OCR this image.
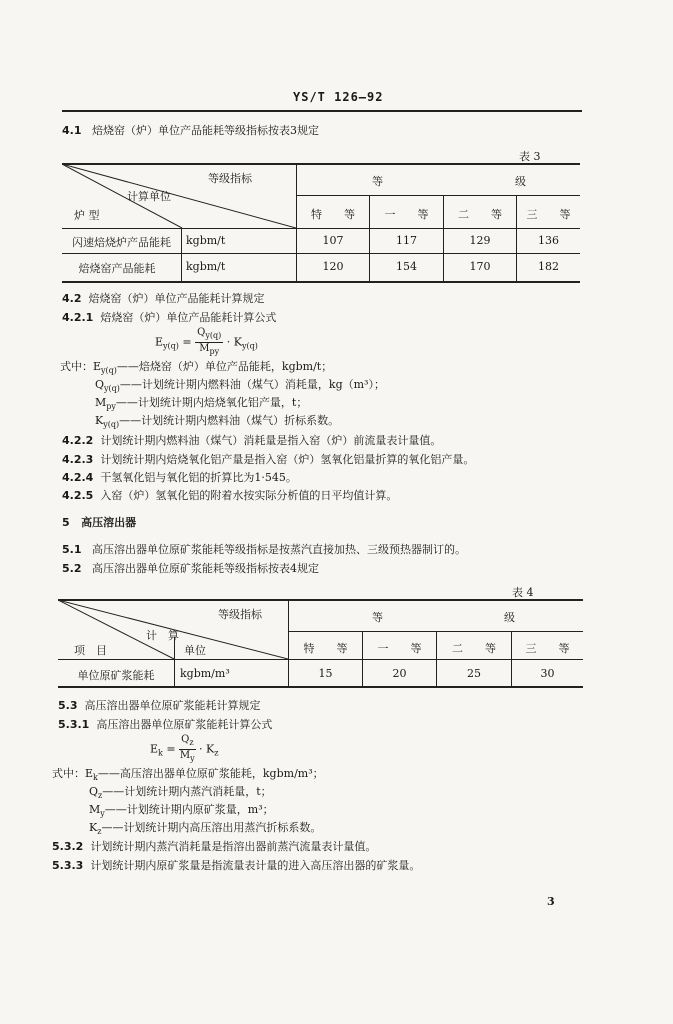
YS/T 126—92
4.1 焙烧窑（炉）单位产品能耗等级指标按表3规定
表 3
等级指标
计算单位
炉 型
等　　　　　　　　　　　　级
特　　等	一　　等	二　　等	三　　等
闪速焙烧炉产品能耗	kgbm/t	107	117	129	136
焙烧窑产品能耗	kgbm/t	120	154	170	182
4.2 焙烧窑（炉）单位产品能耗计算规定
4.2.1 焙烧窑（炉）单位产品能耗计算公式
$E_{y(q)} = \frac{Q_{y(q)}}{M_{py}} \cdot K_{y(q)}$
式中：$E_{y(q)}——$焙烧窑（炉）单位产品能耗，kgbm/t；
$Q_{y(q)}——$计划统计期内燃料油（煤气）消耗量，kg（m³）；
$M_{py}——$计划统计期内焙烧氧化铝产量，t；
$K_{y(q)}——$计划统计期内燃料油（煤气）折标系数。
4.2.2 计划统计期内燃料油（煤气）消耗量是指入窑（炉）前流量表计量值。
4.2.3 计划统计期内焙烧氧化铝产量是指入窑（炉）氢氧化铝量折算的氧化铝产量。
4.2.4 干氢氧化铝与氧化铝的折算比为1·545。
4.2.5 入窑（炉）氢氧化铝的附着水按实际分析值的日平均值计算。
5 高压溶出器
5.1 高压溶出器单位原矿浆能耗等级指标是按蒸汽直接加热、三级预热器制订的。
5.2 高压溶出器单位原矿浆能耗等级指标按表4规定
表 4
等级指标
计　算
单位
项　目
等　　　　　　　　　　　级
特　　等	一　　等	二　　等	三　　等
单位原矿浆能耗	kgbm/m³	15	20	25	30
5.3 高压溶出器单位原矿浆能耗计算规定
5.3.1 高压溶出器单位原矿浆能耗计算公式
$E_k = \frac{Q_z}{M_y} \cdot K_z$
式中：$E_k——$高压溶出器单位原矿浆能耗，kgbm/m³；
$Q_z——$计划统计期内蒸汽消耗量，t；
$M_y——$计划统计期内原矿浆量，m³；
$K_z——$计划统计期内高压溶出用蒸汽折标系数。
5.3.2 计划统计期内蒸汽消耗量是指溶出器前蒸汽流量表计量值。
5.3.3 计划统计期内原矿浆量是指流量表计量的进入高压溶出器的矿浆量。
3
